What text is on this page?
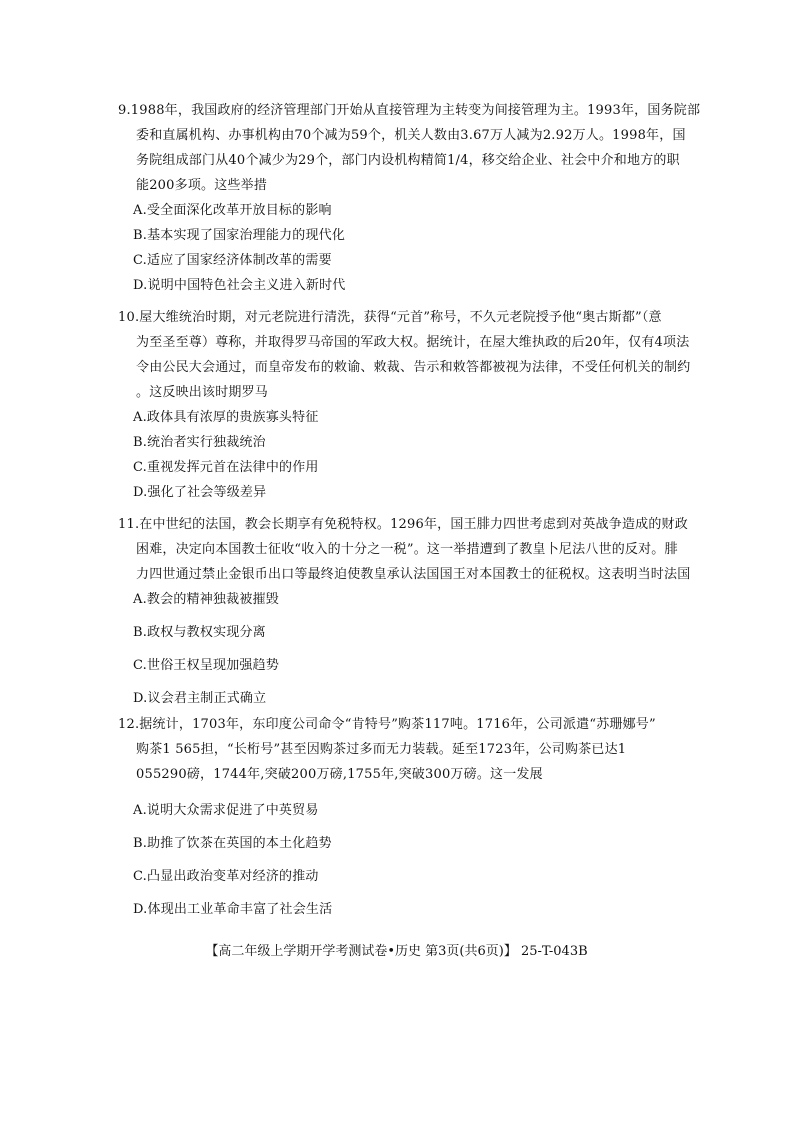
9.1988年，我国政府的经济管理部门开始从直接管理为主转变为间接管理为主。1993年，国务院部
委和直属机构、办事机构由70个减为59个，机关人数由3.67万人减为2.92万人。1998年，国
务院组成部门从40个减少为29个，部门内设机构精简1/4，移交给企业、社会中介和地方的职
能200多项。这些举措
A.受全面深化改革开放目标的影响
B.基本实现了国家治理能力的现代化
C.适应了国家经济体制改革的需要
D.说明中国特色社会主义进入新时代
10.屋大维统治时期，对元老院进行清洗，获得“元首”称号，不久元老院授予他“奥古斯都”（意
为至圣至尊）尊称，并取得罗马帝国的军政大权。据统计，在屋大维执政的后20年，仅有4项法
令由公民大会通过，而皇帝发布的敕谕、敕裁、告示和敕答都被视为法律，不受任何机关的制约
。这反映出该时期罗马
A.政体具有浓厚的贵族寡头特征
B.统治者实行独裁统治
C.重视发挥元首在法律中的作用
D.强化了社会等级差异
11.在中世纪的法国，教会长期享有免税特权。1296年，国王腓力四世考虑到对英战争造成的财政
困难，决定向本国教士征收“收入的十分之一税”。这一举措遭到了教皇卜尼法八世的反对。腓
力四世通过禁止金银币出口等最终迫使教皇承认法国国王对本国教士的征税权。这表明当时法国
A.教会的精神独裁被摧毁
B.政权与教权实现分离
C.世俗王权呈现加强趋势
D.议会君主制正式确立
12.据统计，1703年，东印度公司命令“肯特号”购茶117吨。1716年，公司派遣“苏珊娜号”
购茶1 565担，“长桁号”甚至因购茶过多而无力装载。延至1723年，公司购茶已达1
055290磅，1744年,突破200万磅,1755年,突破300万磅。这一发展
A.说明大众需求促进了中英贸易
B.助推了饮茶在英国的本土化趋势
C.凸显出政治变革对经济的推动
D.体现出工业革命丰富了社会生活
【高二年级上学期开学考测试卷•历史 第3页(共6页)】 25-T-043B
